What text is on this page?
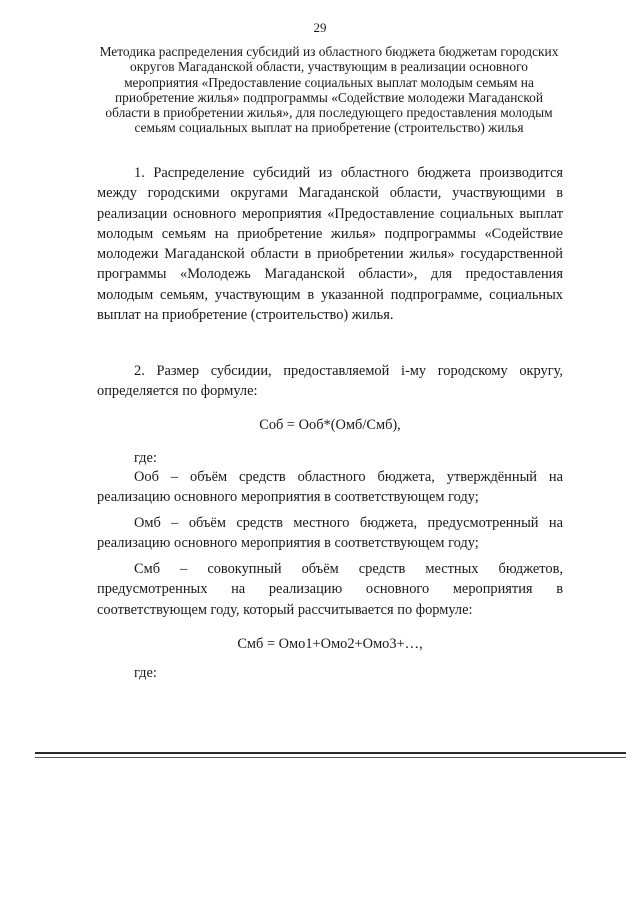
29
Методика распределения субсидий из областного бюджета бюджетам городских округов Магаданской области, участвующим в реализации основного мероприятия «Предоставление социальных выплат молодым семьям на приобретение жилья» подпрограммы «Содействие молодежи Магаданской области в приобретении жилья», для последующего предоставления молодым семьям социальных выплат на приобретение (строительство) жилья
1. Распределение субсидий из областного бюджета производится между городскими округами Магаданской области, участвующими в реализации основного мероприятия «Предоставление социальных выплат молодым семьям на приобретение жилья» подпрограммы «Содействие молодежи Магаданской области в приобретении жилья» государственной программы «Молодежь Магаданской области», для предоставления молодым семьям, участвующим в указанной подпрограмме, социальных выплат на приобретение (строительство) жилья.
2. Размер субсидии, предоставляемой i-му городскому округу, определяется по формуле:
Соб = Ооб*(Омб/Смб),
где:
Ооб – объём средств областного бюджета, утверждённый на реализацию основного мероприятия в соответствующем году;
Омб – объём средств местного бюджета, предусмотренный на реализацию основного мероприятия в соответствующем году;
Смб – совокупный объём средств местных бюджетов, предусмотренных на реализацию основного мероприятия в соответствующем году, который рассчитывается по формуле:
Смб = Омо1+Омо2+Омо3+…,
где:
